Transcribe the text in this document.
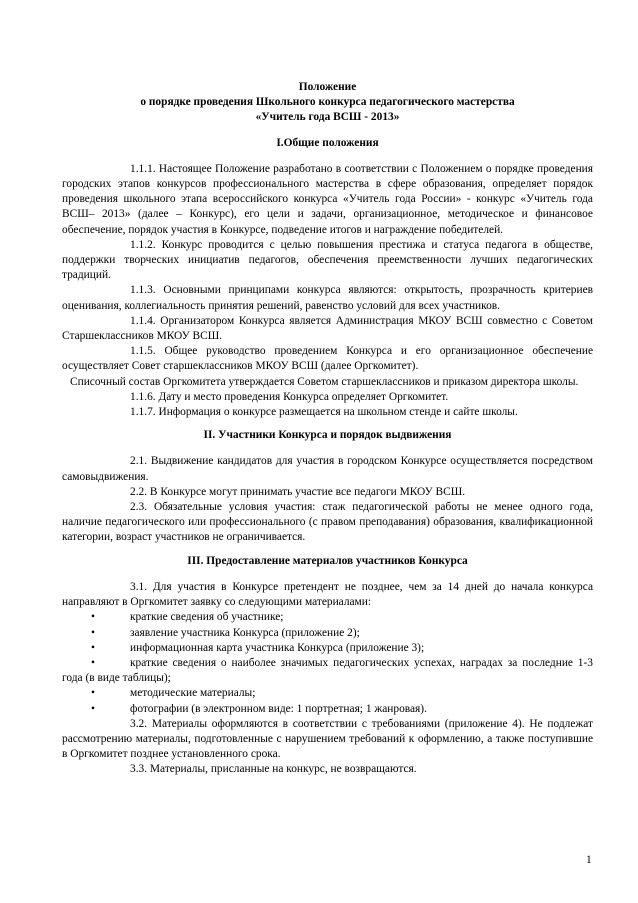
Положение
о порядке проведения Школьного конкурса педагогического мастерства
«Учитель года ВСШ - 2013»
I.Общие положения
1.1.1. Настоящее Положение разработано в соответствии с Положением о порядке проведения городских этапов конкурсов профессионального мастерства в сфере образования, определяет порядок проведения школьного этапа всероссийского конкурса «Учитель года России» - конкурс «Учитель года ВСШ– 2013» (далее – Конкурс), его цели и задачи, организационное, методическое и финансовое обеспечение, порядок участия в Конкурсе, подведение итогов и награждение победителей.
1.1.2. Конкурс проводится с целью повышения престижа и статуса педагога в обществе, поддержки творческих инициатив педагогов, обеспечения преемственности лучших педагогических традиций.
1.1.3. Основными принципами конкурса являются: открытость, прозрачность критериев оценивания, коллегиальность принятия решений, равенство условий для всех участников.
1.1.4. Организатором Конкурса является Администрация МКОУ ВСШ совместно с Советом Старшеклассников МКОУ ВСШ.
1.1.5. Общее руководство проведением Конкурса и его организационное обеспечение осуществляет Совет старшеклассников МКОУ ВСШ (далее Оргкомитет).
Списочный состав Оргкомитета утверждается Советом старшеклассников и приказом директора школы.
1.1.6. Дату и место проведения Конкурса определяет Оргкомитет.
1.1.7. Информация о конкурсе размещается на школьном стенде и сайте школы.
II. Участники Конкурса и порядок выдвижения
2.1. Выдвижение кандидатов для участия в городском Конкурсе осуществляется посредством самовыдвижения.
2.2. В Конкурсе могут принимать участие все педагоги МКОУ ВСШ.
2.3. Обязательные условия участия: стаж педагогической работы не менее одного года, наличие педагогического или профессионального (с правом преподавания) образования, квалификационной категории, возраст участников не ограничивается.
III. Предоставление материалов участников Конкурса
3.1. Для участия в Конкурсе претендент не позднее, чем за 14 дней до начала конкурса направляют в Оргкомитет заявку со следующими материалами:
•	краткие сведения об участнике;
•	заявление участника Конкурса (приложение 2);
•	информационная карта участника Конкурса (приложение 3);
•	краткие сведения о наиболее значимых педагогических успехах, наградах за последние 1-3 года (в виде таблицы);
•	методические материалы;
•	фотографии (в электронном виде: 1 портретная; 1 жанровая).
3.2. Материалы оформляются в соответствии с требованиями (приложение 4). Не подлежат рассмотрению материалы, подготовленные с нарушением требований к оформлению, а также поступившие в Оргкомитет позднее установленного срока.
3.3. Материалы, присланные на конкурс, не возвращаются.
1
